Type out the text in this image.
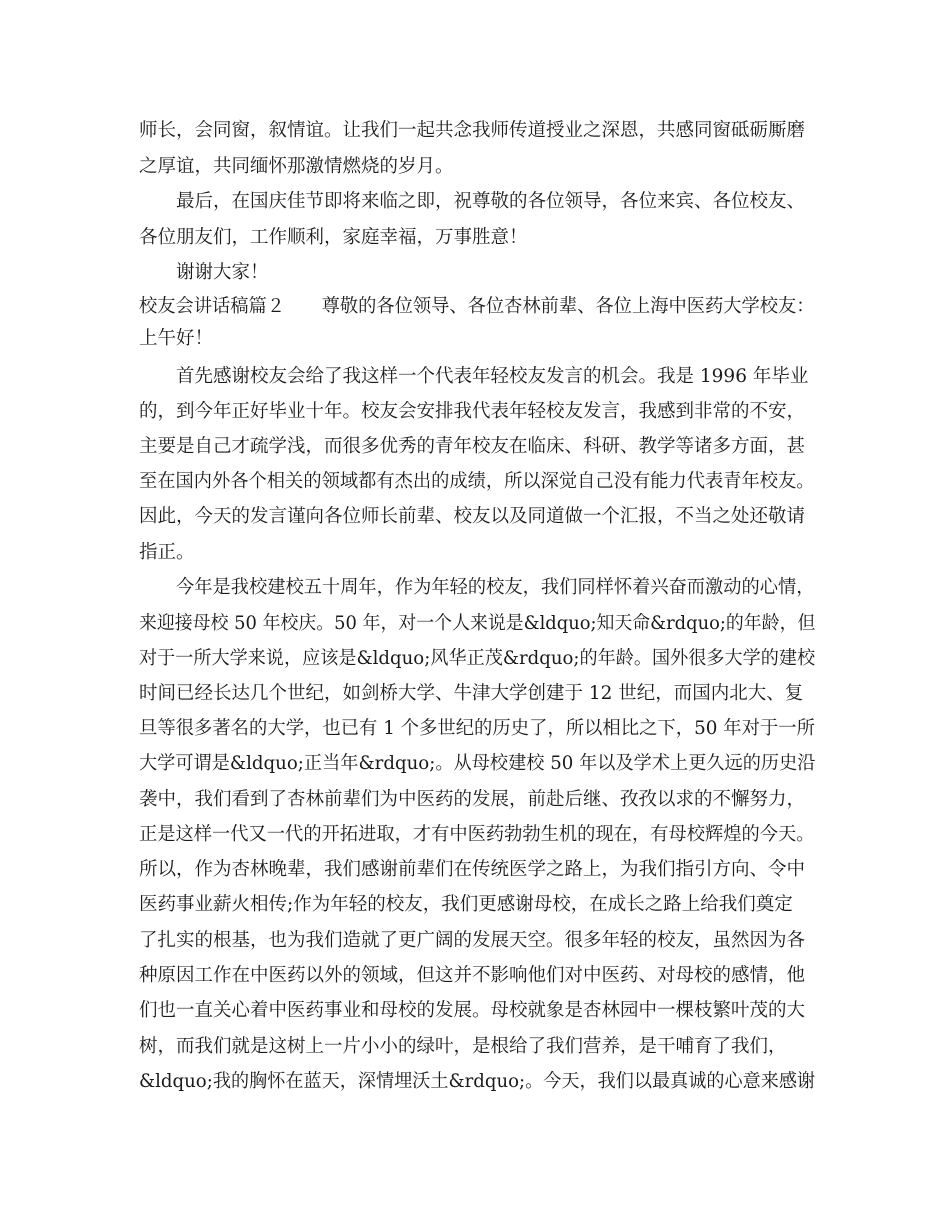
师长，会同窗，叙情谊。让我们一起共念我师传道授业之深恩，共感同窗砥砺厮磨
之厚谊，共同缅怀那激情燃烧的岁月。
最后，在国庆佳节即将来临之即，祝尊敬的各位领导，各位来宾、各位校友、
各位朋友们，工作顺利，家庭幸福，万事胜意！
谢谢大家！
校友会讲话稿篇２　　尊敬的各位领导、各位杏林前辈、各位上海中医药大学校友：
上午好！
首先感谢校友会给了我这样一个代表年轻校友发言的机会。我是 1996 年毕业
的，到今年正好毕业十年。校友会安排我代表年轻校友发言，我感到非常的不安，
主要是自己才疏学浅，而很多优秀的青年校友在临床、科研、教学等诸多方面，甚
至在国内外各个相关的领域都有杰出的成绩，所以深觉自己没有能力代表青年校友。
因此，今天的发言谨向各位师长前辈、校友以及同道做一个汇报，不当之处还敬请
指正。
今年是我校建校五十周年，作为年轻的校友，我们同样怀着兴奋而激动的心情，
来迎接母校 50 年校庆。50 年，对一个人来说是&ldquo;知天命&rdquo;的年龄，但
对于一所大学来说，应该是&ldquo;风华正茂&rdquo;的年龄。国外很多大学的建校
时间已经长达几个世纪，如剑桥大学、牛津大学创建于 12 世纪，而国内北大、复
旦等很多著名的大学，也已有 1 个多世纪的历史了，所以相比之下，50 年对于一所
大学可谓是&ldquo;正当年&rdquo;。从母校建校 50 年以及学术上更久远的历史沿
袭中，我们看到了杏林前辈们为中医药的发展，前赴后继、孜孜以求的不懈努力，
正是这样一代又一代的开拓进取，才有中医药勃勃生机的现在，有母校辉煌的今天。
所以，作为杏林晚辈，我们感谢前辈们在传统医学之路上，为我们指引方向、令中
医药事业薪火相传;作为年轻的校友，我们更感谢母校，在成长之路上给我们奠定
了扎实的根基，也为我们造就了更广阔的发展天空。很多年轻的校友，虽然因为各
种原因工作在中医药以外的领域，但这并不影响他们对中医药、对母校的感情，他
们也一直关心着中医药事业和母校的发展。母校就象是杏林园中一棵枝繁叶茂的大
树，而我们就是这树上一片小小的绿叶，是根给了我们营养，是干哺育了我们，
&ldquo;我的胸怀在蓝天，深情埋沃土&rdquo;。今天，我们以最真诚的心意来感谢
